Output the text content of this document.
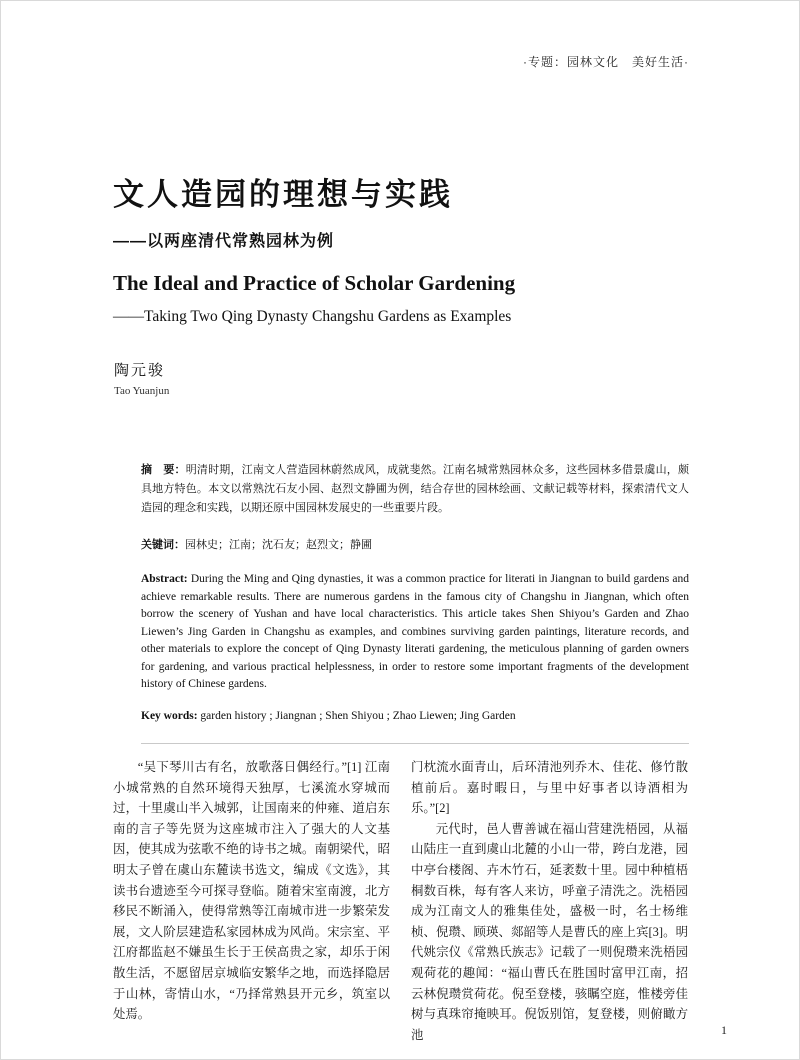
·专题：园林文化　美好生活·
文人造园的理想与实践
——以两座清代常熟园林为例
The Ideal and Practice of Scholar Gardening
——Taking Two Qing Dynasty Changshu Gardens as Examples
陶元骏
Tao Yuanjun

摘　要：明清时期，江南文人营造园林蔚然成风，成就斐然。江南名城常熟园林众多，这些园林多借景虞山，颇具地方特色。本文以常熟沈石友小园、赵烈文静圃为例，结合存世的园林绘画、文献记载等材料，探索清代文人造园的理念和实践，以期还原中国园林发展史的一些重要片段。

关键词：园林史；江南；沈石友；赵烈文；静圃

Abstract: During the Ming and Qing dynasties, it was a common practice for literati in Jiangnan to build gardens and achieve remarkable results. There are numerous gardens in the famous city of Changshu in Jiangnan, which often borrow the scenery of Yushan and have local characteristics. This article takes Shen Shiyou’s Garden and Zhao Liewen’s Jing Garden in Changshu as examples, and combines surviving garden paintings, literature records, and other materials to explore the concept of Qing Dynasty literati gardening, the meticulous planning of garden owners for gardening, and various practical helplessness, in order to restore some important fragments of the development history of Chinese gardens.

Key words: garden history ; Jiangnan ; Shen Shiyou ; Zhao Liewen; Jing Garden

“吴下琴川古有名，放歌落日偶经行。”[1] 江南小城常熟的自然环境得天独厚，七溪流水穿城而过，十里虞山半入城郭，让国南来的仲雍、道启东南的言子等先贤为这座城市注入了强大的人文基因，使其成为弦歌不绝的诗书之城。南朝梁代，昭明太子曾在虞山东麓读书选文，编成《文选》，其读书台遗迹至今可探寻登临。随着宋室南渡，北方移民不断涌入，使得常熟等江南城市进一步繁荣发展，文人阶层建造私家园林成为风尚。宋宗室、平江府都监赵不嫌虽生长于王侯高贵之家，却乐于闲散生活，不愿留居京城临安繁华之地，而选择隐居于山林，寄情山水，“乃择常熟县开元乡，筑室以处焉。

门枕流水面青山，后环清池列乔木、佳花、修竹散植前后。嘉时暇日，与里中好事者以诗酒相为乐。”[2]

元代时，邑人曹善诚在福山营建洗梧园，从福山陆庄一直到虞山北麓的小山一带，跨白龙港，园中亭台楼阁、卉木竹石，延袤数十里。园中种植梧桐数百株，每有客人来访，呼童子清洗之。洗梧园成为江南文人的雅集佳处，盛极一时，名士杨维桢、倪瓒、顾瑛、郯韶等人是曹氏的座上宾[3]。明代姚宗仪《常熟氏族志》记载了一则倪瓒来洗梧园观荷花的趣闻：“福山曹氏在胜国时富甲江南，招云林倪瓒赏荷花。倪至登楼，骇瞩空庭，惟楼旁佳树与真珠帘掩映耳。倪饭别馆，复登楼，则俯瞰方池	1
